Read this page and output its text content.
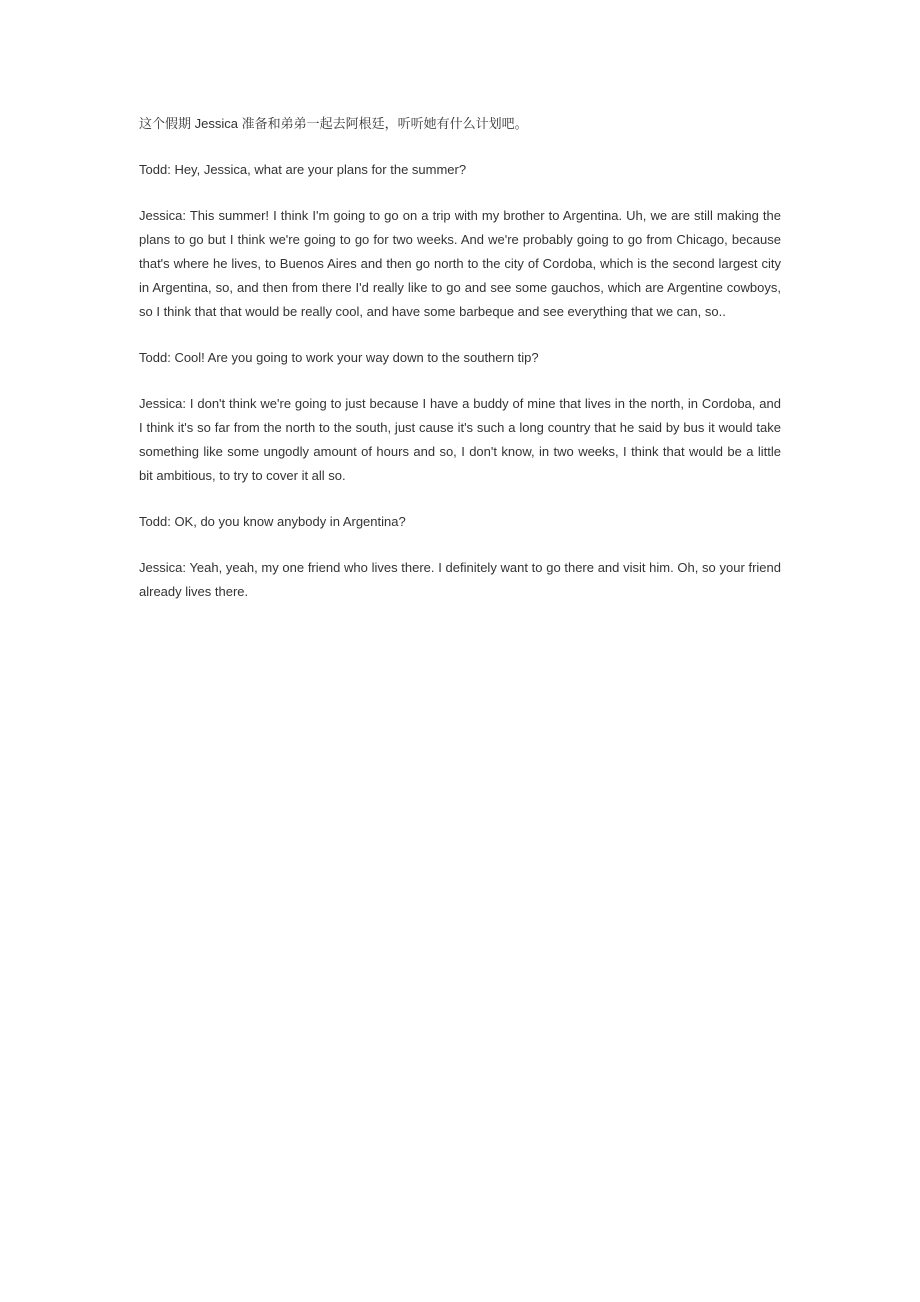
这个假期 Jessica 准备和弟弟一起去阿根廷，听听她有什么计划吧。

Todd: Hey, Jessica, what are your plans for the summer?

Jessica: This summer! I think I'm going to go on a trip with my brother to Argentina. Uh, we are still making the plans to go but I think we're going to go for two weeks. And we're probably going to go from Chicago, because that's where he lives, to Buenos Aires and then go north to the city of Cordoba, which is the second largest city in Argentina, so, and then from there I'd really like to go and see some gauchos, which are Argentine cowboys, so I think that that would be really cool, and have some barbeque and see everything that we can, so..

Todd: Cool! Are you going to work your way down to the southern tip?

Jessica: I don't think we're going to just because I have a buddy of mine that lives in the north, in Cordoba, and I think it's so far from the north to the south, just cause it's such a long country that he said by bus it would take something like some ungodly amount of hours and so, I don't know, in two weeks, I think that would be a little bit ambitious, to try to cover it all so.

Todd: OK, do you know anybody in Argentina?

Jessica: Yeah, yeah, my one friend who lives there. I definitely want to go there and visit him. Oh, so your friend already lives there.
